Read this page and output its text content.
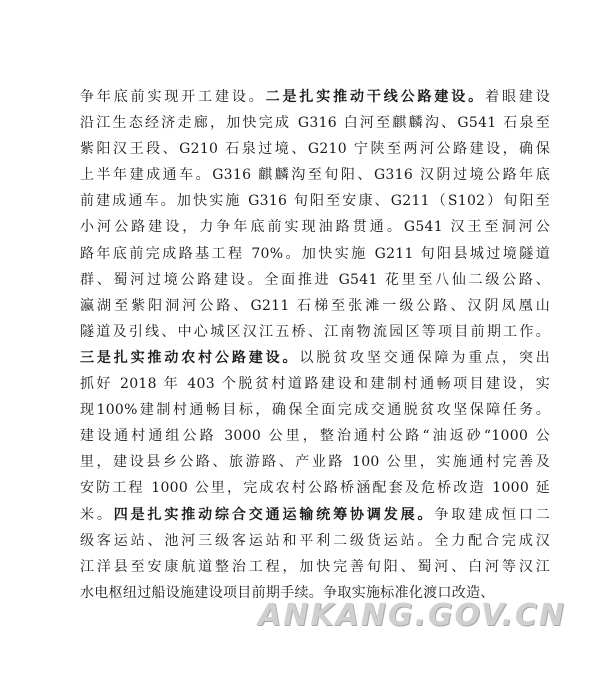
争年底前实现开工建设。二是扎实推动干线公路建设。着眼建设
沿江生态经济走廊，加快完成 G316 白河至麒麟沟、G541 石泉至
紫阳汉王段、G210 石泉过境、G210 宁陕至两河公路建设，确保
上半年建成通车。G316 麒麟沟至旬阳、G316 汉阴过境公路年底
前建成通车。加快实施 G316 旬阳至安康、G211（S102）旬阳至
小河公路建设，力争年底前实现油路贯通。G541 汉王至洞河公
路年底前完成路基工程 70%。加快实施 G211 旬阳县城过境隧道
群、蜀河过境公路建设。全面推进 G541 花里至八仙二级公路、
瀛湖至紫阳洞河公路、G211 石梯至张滩一级公路、汉阴凤凰山
隧道及引线、中心城区汉江五桥、江南物流园区等项目前期工作。
三是扎实推动农村公路建设。以脱贫攻坚交通保障为重点，突出
抓好 2018 年 403 个脱贫村道路建设和建制村通畅项目建设，实
现100%建制村通畅目标，确保全面完成交通脱贫攻坚保障任务。
建设通村通组公路 3000 公里，整治通村公路“油返砂“1000 公
里，建设县乡公路、旅游路、产业路 100 公里，实施通村完善及
安防工程 1000 公里，完成农村公路桥涵配套及危桥改造 1000 延
米。四是扎实推动综合交通运输统筹协调发展。争取建成恒口二
级客运站、池河三级客运站和平利二级货运站。全力配合完成汉
江洋县至安康航道整治工程，加快完善旬阳、蜀河、白河等汉江
水电枢纽过船设施建设项目前期手续。争取实施标准化渡口改造、
ANKANG.GOV.CN
